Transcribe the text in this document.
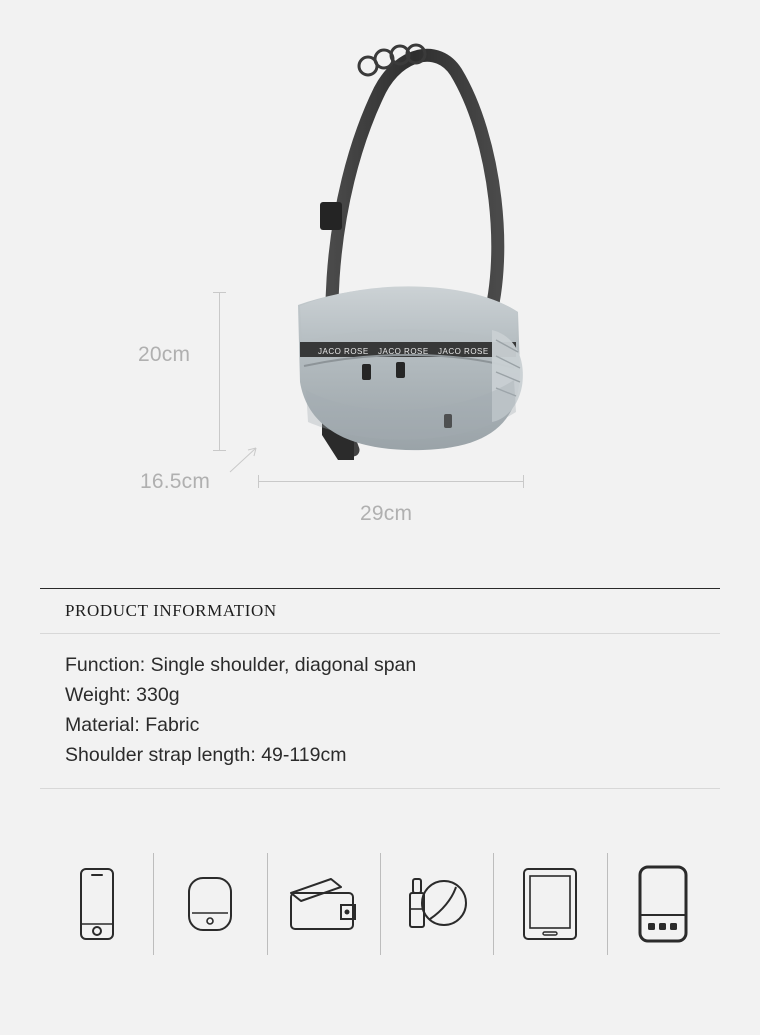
JACO ROSE JACO ROSE JACO ROSE
20cm
16.5cm
29cm
PRODUCT INFORMATION
Function: Single shoulder, diagonal span
Weight: 330g
Material: Fabric
Shoulder strap length: 49-119cm
